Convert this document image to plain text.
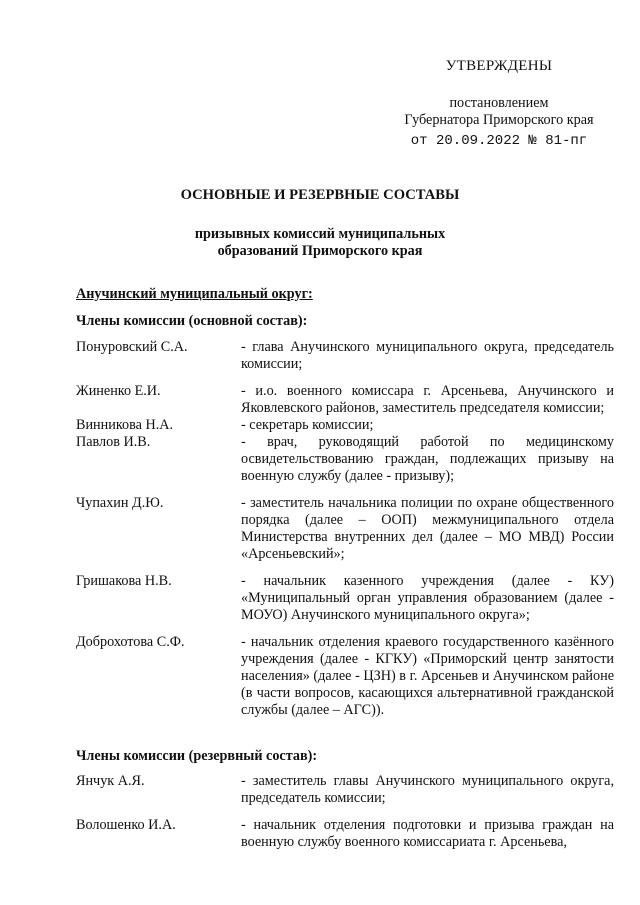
УТВЕРЖДЕНЫ
постановлением
Губернатора Приморского края
от 20.09.2022 № 81-пг
ОСНОВНЫЕ И РЕЗЕРВНЫЕ СОСТАВЫ
призывных комиссий муниципальных
образований Приморского края
Анучинский муниципальный округ:
Члены комиссии (основной состав):
Понуровский С.А.	- глава Анучинского муниципального округа, председатель комиссии;
Жиненко Е.И.	- и.о. военного комиссара г. Арсеньева, Анучинского и Яковлевского районов, заместитель председателя комиссии;
Винникова Н.А.	- секретарь комиссии;
Павлов И.В.	- врач, руководящий работой по медицинскому освидетельствованию граждан, подлежащих призыву на военную службу (далее - призыву);
Чупахин Д.Ю.	- заместитель начальника полиции по охране общественного порядка (далее – ООП) межмуниципального отдела Министерства внутренних дел (далее – МО МВД) России «Арсеньевский»;
Гришакова Н.В.	- начальник казенного учреждения (далее - КУ) «Муниципальный орган управления образованием (далее - МОУО) Анучинского муниципального округа»;
Доброхотова С.Ф.	- начальник отделения краевого государственного казённого учреждения (далее - КГКУ) «Приморский центр занятости населения» (далее - ЦЗН) в г. Арсеньев и Анучинском районе (в части вопросов, касающихся альтернативной гражданской службы (далее – АГС)).
Члены комиссии (резервный состав):
Янчук А.Я.	- заместитель главы Анучинского муниципального округа, председатель комиссии;
Волошенко И.А.	- начальник отделения подготовки и призыва граждан на военную службу военного комиссариата г. Арсеньева,
